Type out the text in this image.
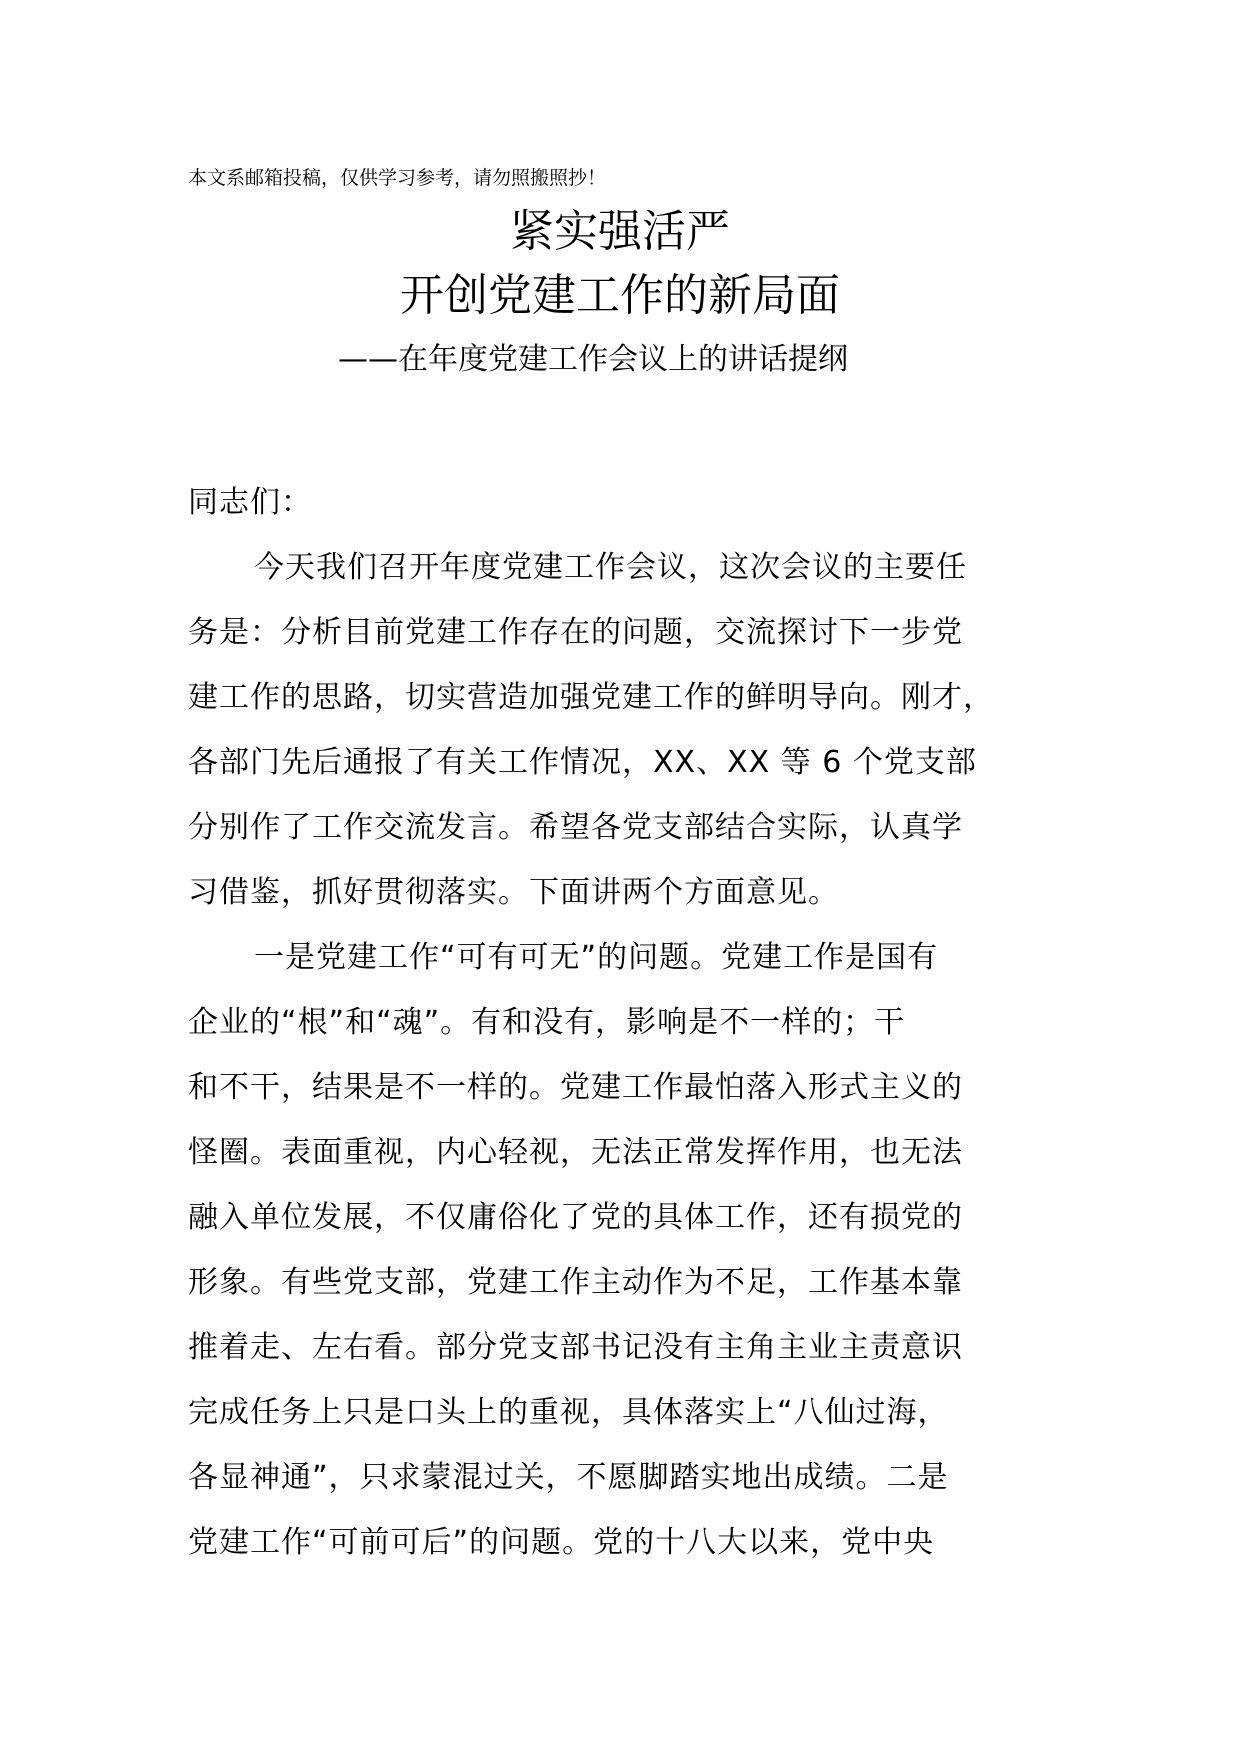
本文系邮箱投稿，仅供学习参考，请勿照搬照抄！
紧实强活严
开创党建工作的新局面
——在年度党建工作会议上的讲话提纲
同志们：
今天我们召开年度党建工作会议，这次会议的主要任
务是：分析目前党建工作存在的问题，交流探讨下一步党
建工作的思路，切实营造加强党建工作的鲜明导向。刚才，
各部门先后通报了有关工作情况，XX、XX 等 6 个党支部
分别作了工作交流发言。希望各党支部结合实际，认真学
习借鉴，抓好贯彻落实。下面讲两个方面意见。
一是党建工作“可有可无”的问题。党建工作是国有
企业的“根”和“魂”。有和没有，影响是不一样的；干
和不干，结果是不一样的。党建工作最怕落入形式主义的
怪圈。表面重视，内心轻视，无法正常发挥作用，也无法
融入单位发展，不仅庸俗化了党的具体工作，还有损党的
形象。有些党支部，党建工作主动作为不足，工作基本靠
推着走、左右看。部分党支部书记没有主角主业主责意识
完成任务上只是口头上的重视，具体落实上“八仙过海，
各显神通”，只求蒙混过关，不愿脚踏实地出成绩。二是
党建工作“可前可后”的问题。党的十八大以来，党中央
